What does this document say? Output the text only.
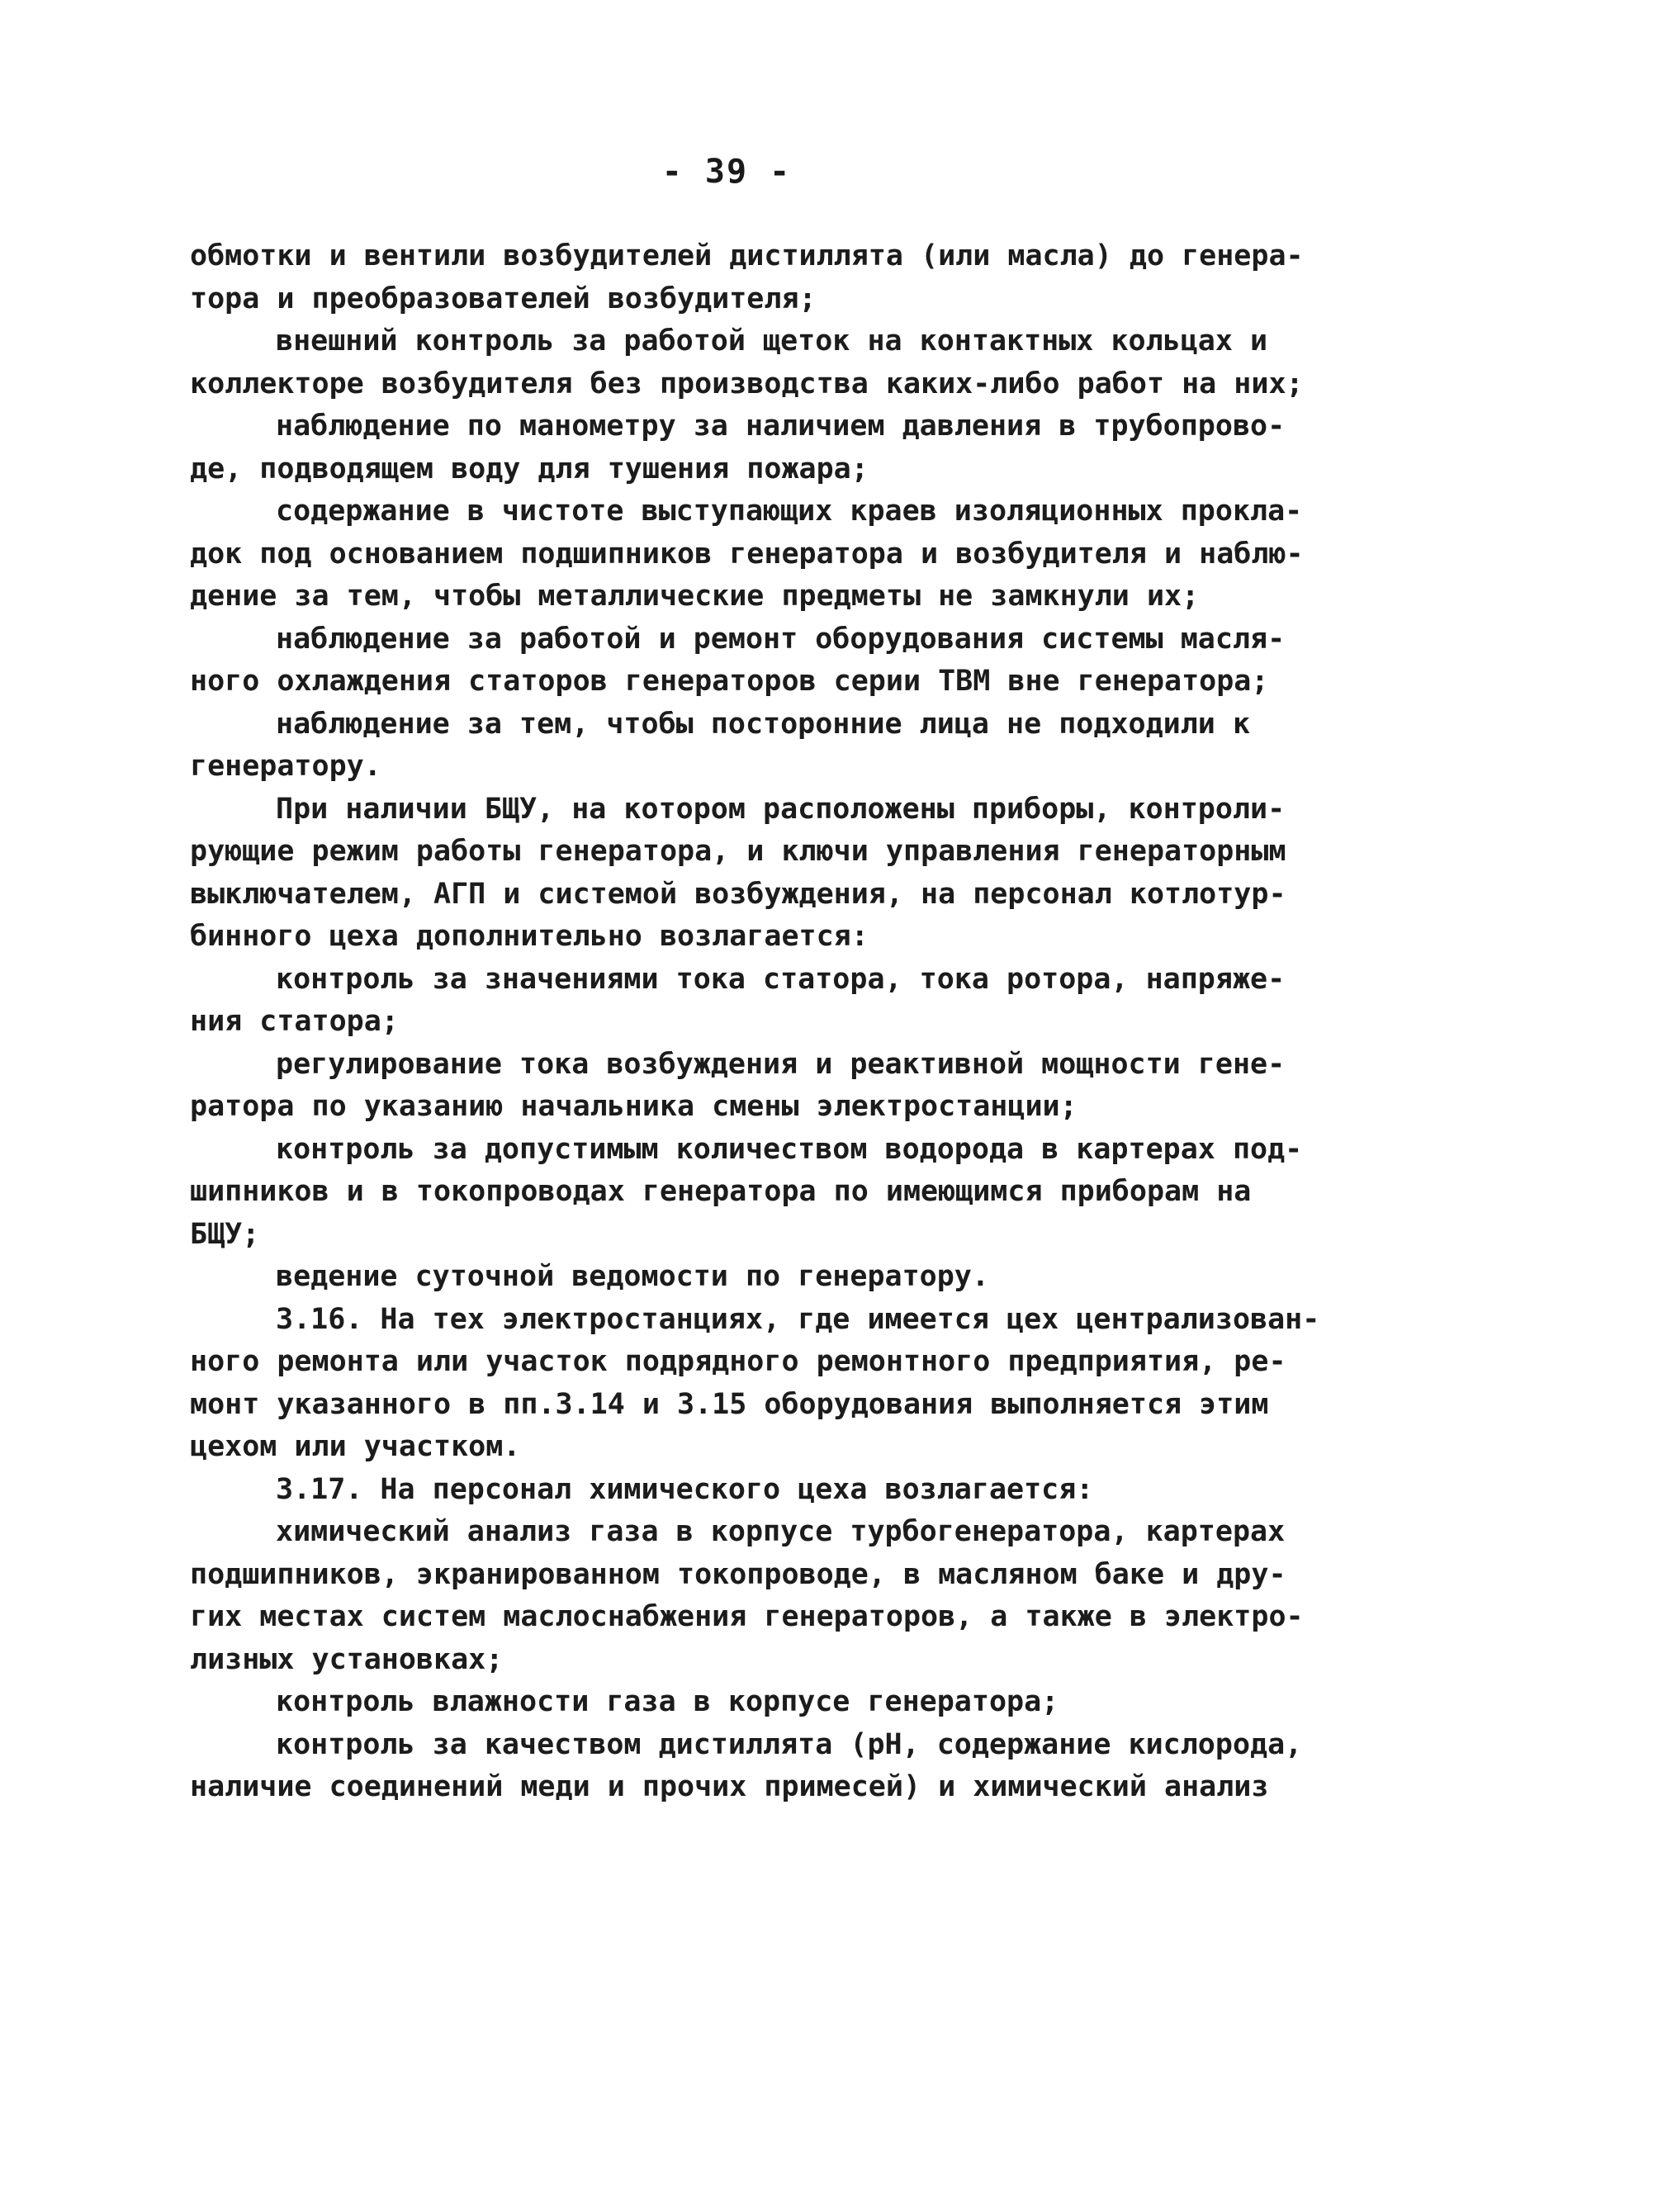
- 39 -
обмотки и вентили возбудителей дистиллята (или масла) до генера-
тора и преобразователей возбудителя;
внешний контроль за работой щеток на контактных кольцах и
коллекторе возбудителя без производства каких-либо работ на них;
наблюдение по манометру за наличием давления в трубопрово-
де, подводящем воду для тушения пожара;
содержание в чистоте выступающих краев изоляционных прокла-
док под основанием подшипников генератора и возбудителя и наблю-
дение за тем, чтобы металлические предметы не замкнули их;
наблюдение за работой и ремонт оборудования системы масля-
ного охлаждения статоров генераторов серии ТВМ вне генератора;
наблюдение за тем, чтобы посторонние лица не подходили к
генератору.
При наличии БЩУ, на котором расположены приборы, контроли-
рующие режим работы генератора, и ключи управления генераторным
выключателем, АГП и системой возбуждения, на персонал котлотур-
бинного цеха дополнительно возлагается:
контроль за значениями тока статора, тока ротора, напряже-
ния статора;
регулирование тока возбуждения и реактивной мощности гене-
ратора по указанию начальника смены электростанции;
контроль за допустимым количеством водорода в картерах под-
шипников и в токопроводах генератора по имеющимся приборам на
БЩУ;
ведение суточной ведомости по генератору.
3.16. На тех электростанциях, где имеется цех централизован-
ного ремонта или участок подрядного ремонтного предприятия, ре-
монт указанного в пп.3.14 и 3.15 оборудования выполняется этим
цехом или участком.
3.17. На персонал химического цеха возлагается:
химический анализ газа в корпусе турбогенератора, картерах
подшипников, экранированном токопроводе, в масляном баке и дру-
гих местах систем маслоснабжения генераторов, а также в электро-
лизных установках;
контроль влажности газа в корпусе генератора;
контроль за качеством дистиллята (pH, содержание кислорода,
наличие соединений меди и прочих примесей) и химический анализ
